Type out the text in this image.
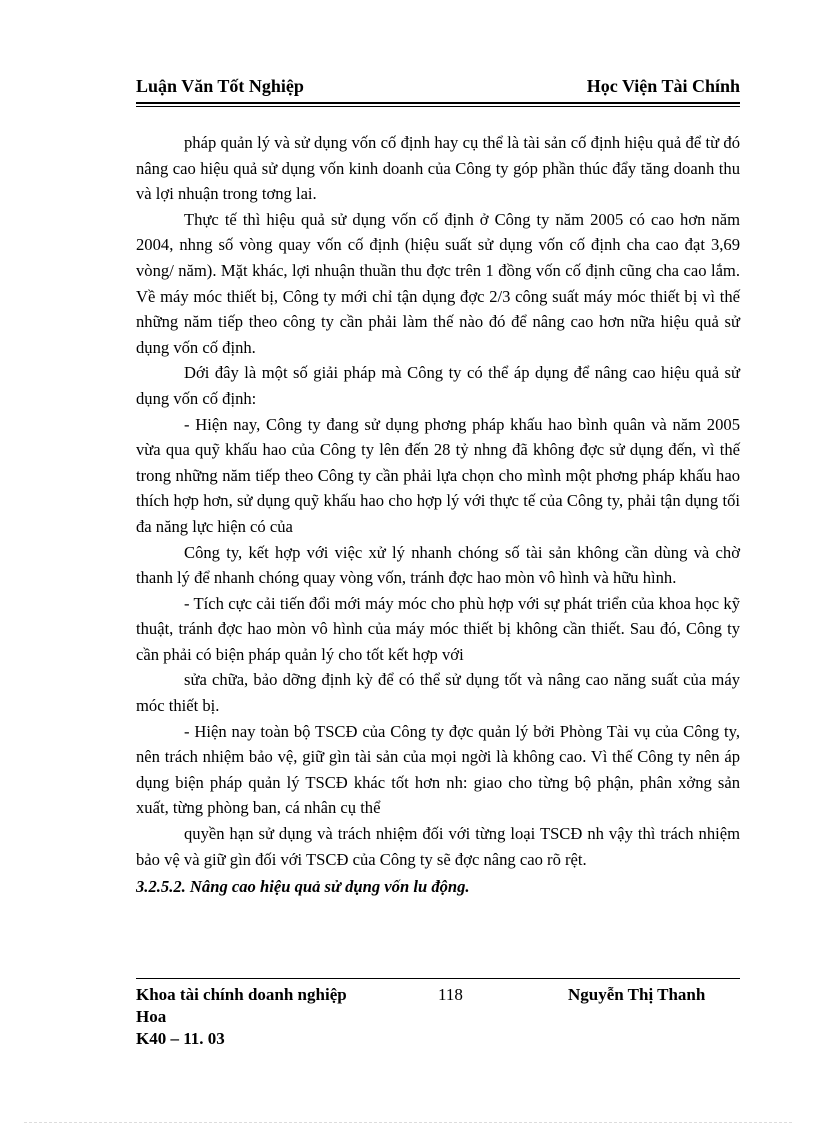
Luận Văn Tốt Nghiệp	Học Viện Tài Chính

pháp quản lý và sử dụng vốn cố định hay cụ thể là tài sản cố định hiệu quả để từ đó nâng cao hiệu quả sử dụng vốn kinh doanh của Công ty góp phần thúc đẩy tăng doanh thu và lợi nhuận trong tơng lai.

Thực tế thì hiệu quả sử dụng vốn cố định ở Công ty năm 2005 có cao hơn năm 2004, nhng số vòng quay vốn cố định (hiệu suất sử dụng vốn cố định cha cao đạt 3,69 vòng/ năm). Mặt khác, lợi nhuận thuần thu đợc trên 1 đồng vốn cố định cũng cha cao lắm. Về máy móc thiết bị, Công ty mới chỉ tận dụng đợc 2/3 công suất máy móc thiết bị vì thế những năm tiếp theo công ty cần phải làm thế nào đó để nâng cao hơn nữa hiệu quả sử dụng vốn cố định.

Dới đây là một số giải pháp mà Công ty có thể áp dụng để nâng cao hiệu quả sử dụng vốn cố định:

- Hiện nay, Công ty đang sử dụng phơng pháp khấu hao bình quân và năm 2005 vừa qua quỹ khấu hao của Công ty lên đến 28 tỷ nhng đã không đợc sử dụng đến, vì thế trong những năm tiếp theo Công ty cần phải lựa chọn cho mình một phơng pháp khấu hao thích hợp hơn, sử dụng quỹ khấu hao cho hợp lý với thực tế của Công ty, phải tận dụng tối đa năng lực hiện có của

Công ty, kết hợp với việc xử lý nhanh chóng số tài sản không cần dùng và chờ thanh lý để nhanh chóng quay vòng vốn, tránh đợc hao mòn vô hình và hữu hình.

- Tích cực cải tiến đổi mới máy móc cho phù hợp với sự phát triển của khoa học kỹ thuật, tránh đợc hao mòn vô hình của máy móc thiết bị không cần thiết. Sau đó, Công ty cần phải có biện pháp quản lý cho tốt kết hợp với

sửa chữa, bảo dỡng định kỳ để có thể sử dụng tốt và nâng cao năng suất của máy móc thiết bị.

- Hiện nay toàn bộ TSCĐ của Công ty đợc quản lý bởi Phòng Tài vụ của Công ty, nên trách nhiệm bảo vệ, giữ gìn tài sản của mọi ngời là không cao. Vì thế Công ty nên áp dụng biện pháp quản lý TSCĐ khác tốt hơn nh: giao cho từng bộ phận, phân xởng sản xuất, từng phòng ban, cá nhân cụ thể

quyền hạn sử dụng và trách nhiệm đối với từng loại TSCĐ nh vậy thì trách nhiệm bảo vệ và giữ gìn đối với TSCĐ của Công ty sẽ đợc nâng cao rõ rệt.

3.2.5.2. Nâng cao hiệu quả sử dụng vốn lu động.

Khoa tài chính doanh nghiệp	118	Nguyễn Thị Thanh
Hoa
K40 – 11. 03
